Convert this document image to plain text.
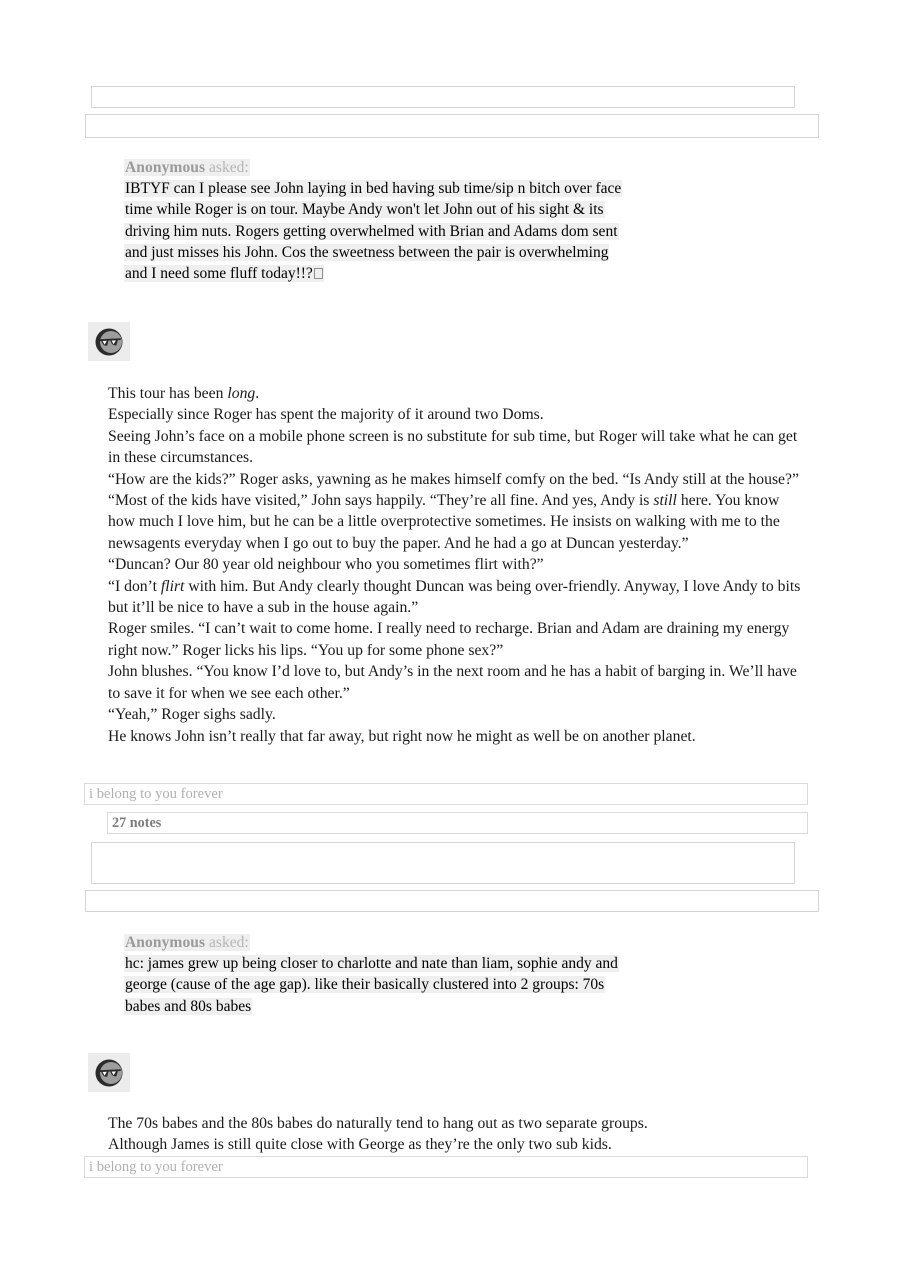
Anonymous asked:
IBTYF can I please see John laying in bed having sub time/sip n bitch over face
time while Roger is on tour. Maybe Andy won't let John out of his sight & its
driving him nuts. Rogers getting overwhelmed with Brian and Adams dom sent
and just misses his John. Cos the sweetness between the pair is overwhelming
and I need some fluff today!!?

This tour has been long.

Especially since Roger has spent the majority of it around two Doms.

Seeing John’s face on a mobile phone screen is no substitute for sub time, but Roger will take what he can get in these circumstances.

“How are the kids?” Roger asks, yawning as he makes himself comfy on the bed. “Is Andy still at the house?”

“Most of the kids have visited,” John says happily. “They’re all fine. And yes, Andy is still here. You know how much I love him, but he can be a little overprotective sometimes. He insists on walking with me to the newsagents everyday when I go out to buy the paper. And he had a go at Duncan yesterday.”

“Duncan? Our 80 year old neighbour who you sometimes flirt with?”

“I don’t flirt with him. But Andy clearly thought Duncan was being over-friendly. Anyway, I love Andy to bits but it’ll be nice to have a sub in the house again.”

Roger smiles. “I can’t wait to come home. I really need to recharge. Brian and Adam are draining my energy right now.” Roger licks his lips. “You up for some phone sex?”

John blushes. “You know I’d love to, but Andy’s in the next room and he has a habit of barging in. We’ll have to save it for when we see each other.”

“Yeah,” Roger sighs sadly.

He knows John isn’t really that far away, but right now he might as well be on another planet.

i belong to you forever
27 notes
Anonymous asked:
hc: james grew up being closer to charlotte and nate than liam, sophie andy and
george (cause of the age gap). like their basically clustered into 2 groups: 70s
babes and 80s babes

The 70s babes and the 80s babes do naturally tend to hang out as two separate groups.

Although James is still quite close with George as they’re the only two sub kids.

i belong to you forever
